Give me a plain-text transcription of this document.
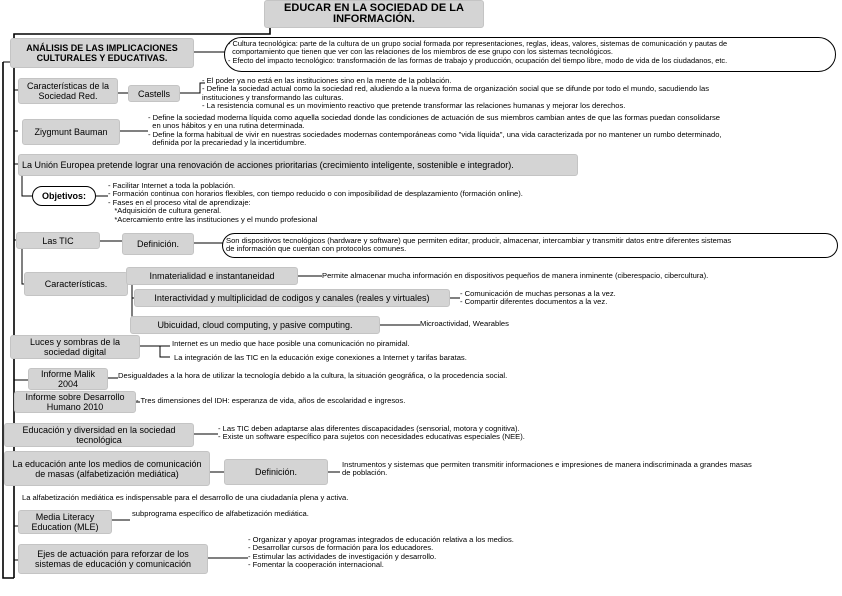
EDUCAR EN LA SOCIEDAD DE LA INFORMACIÓN.
ANÁLISIS DE LAS IMPLICACIONES CULTURALES Y EDUCATIVAS.
- Cultura tecnológica: parte de la cultura de un grupo social formada por representaciones, reglas, ideas, valores, sistemas de comunicación y pautas de
comportamiento que tienen que ver con las relaciones de los miembros de ese grupo con los sistemas tecnológicos.
- Efecto del impacto tecnológico: transformación de las formas de trabajo y producción, ocupación del tiempo libre, modo de vida de los ciudadanos, etc.
Características de la Sociedad Red.	Castells
- El poder ya no está en las instituciones sino en la mente de la población.
- Define la sociedad actual como la sociedad red, aludiendo a la nueva forma de organización social que se difunde por todo el mundo, sacudiendo las
instituciones y transformando las culturas.
- La resistencia comunal es un movimiento reactivo que pretende transformar las relaciones humanas y mejorar los derechos.
Ziygmunt Bauman
- Define la sociedad moderna líquida como aquella sociedad donde las condiciones de actuación de sus miembros cambian antes de que las formas puedan consolidarse
en unos hábitos y en una rutina determinada.
- Define la forma habitual de vivir en nuestras sociedades modernas contemporáneas como "vida líquida", una vida caracterizada por no mantener un rumbo determinado,
definida por la precariedad y la incertidumbre.
La Unión Europea pretende lograr una renovación de acciones prioritarias (crecimiento inteligente, sostenible e integrador).
Objetivos:
- Facilitar Internet a toda la población.
- Formación continua con horarios flexibles, con tiempo reducido o con imposibilidad de desplazamiento (formación online).
- Fases en el proceso vital de aprendizaje:
*Adquisición de cultura general.
*Acercamiento entre las instituciones y el mundo profesional
Las TIC	Definición.	Son dispositivos tecnológicos (hardware y software) que permiten editar, producir, almacenar, intercambiar y transmitir datos entre diferentes sistemas
de información que cuentan con protocolos comunes.
Características.
Inmaterialidad e instantaneidad	Permite almacenar mucha información en dispositivos pequeños de manera inminente (ciberespacio, cibercultura).
Interactividad y multiplicidad de codigos y canales (reales y virtuales)	- Comunicación de muchas personas a la vez.
- Compartir diferentes documentos a la vez.
Ubicuidad, cloud computing, y pasive computing.	Microactividad, Wearables
Luces y sombras de la sociedad digital
Internet es un medio que hace posible una comunicación no piramidal.
La integración de las TIC en la educación exige conexiones a Internet y tarifas baratas.
Informe Malik 2004
Desigualdades a la hora de utilizar la tecnología debido a la cultura, la situación geográfica, o la procedencia social.
Informe sobre Desarrollo Humano 2010
- Tres dimensiones del IDH: esperanza de vida, años de escolaridad e ingresos.
Educación y diversidad en la sociedad tecnológica
- Las TIC deben adaptarse alas diferentes discapacidades (sensorial, motora y cognitiva).
- Existe un software específico para sujetos con necesidades educativas especiales (NEE).
La educación ante los medios de comunicación de masas (alfabetización mediática)	Definición.
Instrumentos y sistemas que permiten transmitir informaciones e impresiones de manera indiscriminada a grandes masas
de población.
La alfabetización mediática es indispensable para el desarrollo de una ciudadanía plena y activa.
Media Literacy Education (MLE)
subprograma específico de alfabetización mediática.
Ejes de actuación para reforzar de los sistemas de educación y comunicación
- Organizar y apoyar programas integrados de educación relativa a los medios.
- Desarrollar cursos de formación para los educadores.
- Estimular las actividades de investigación y desarrollo.
- Fomentar la cooperación internacional.
